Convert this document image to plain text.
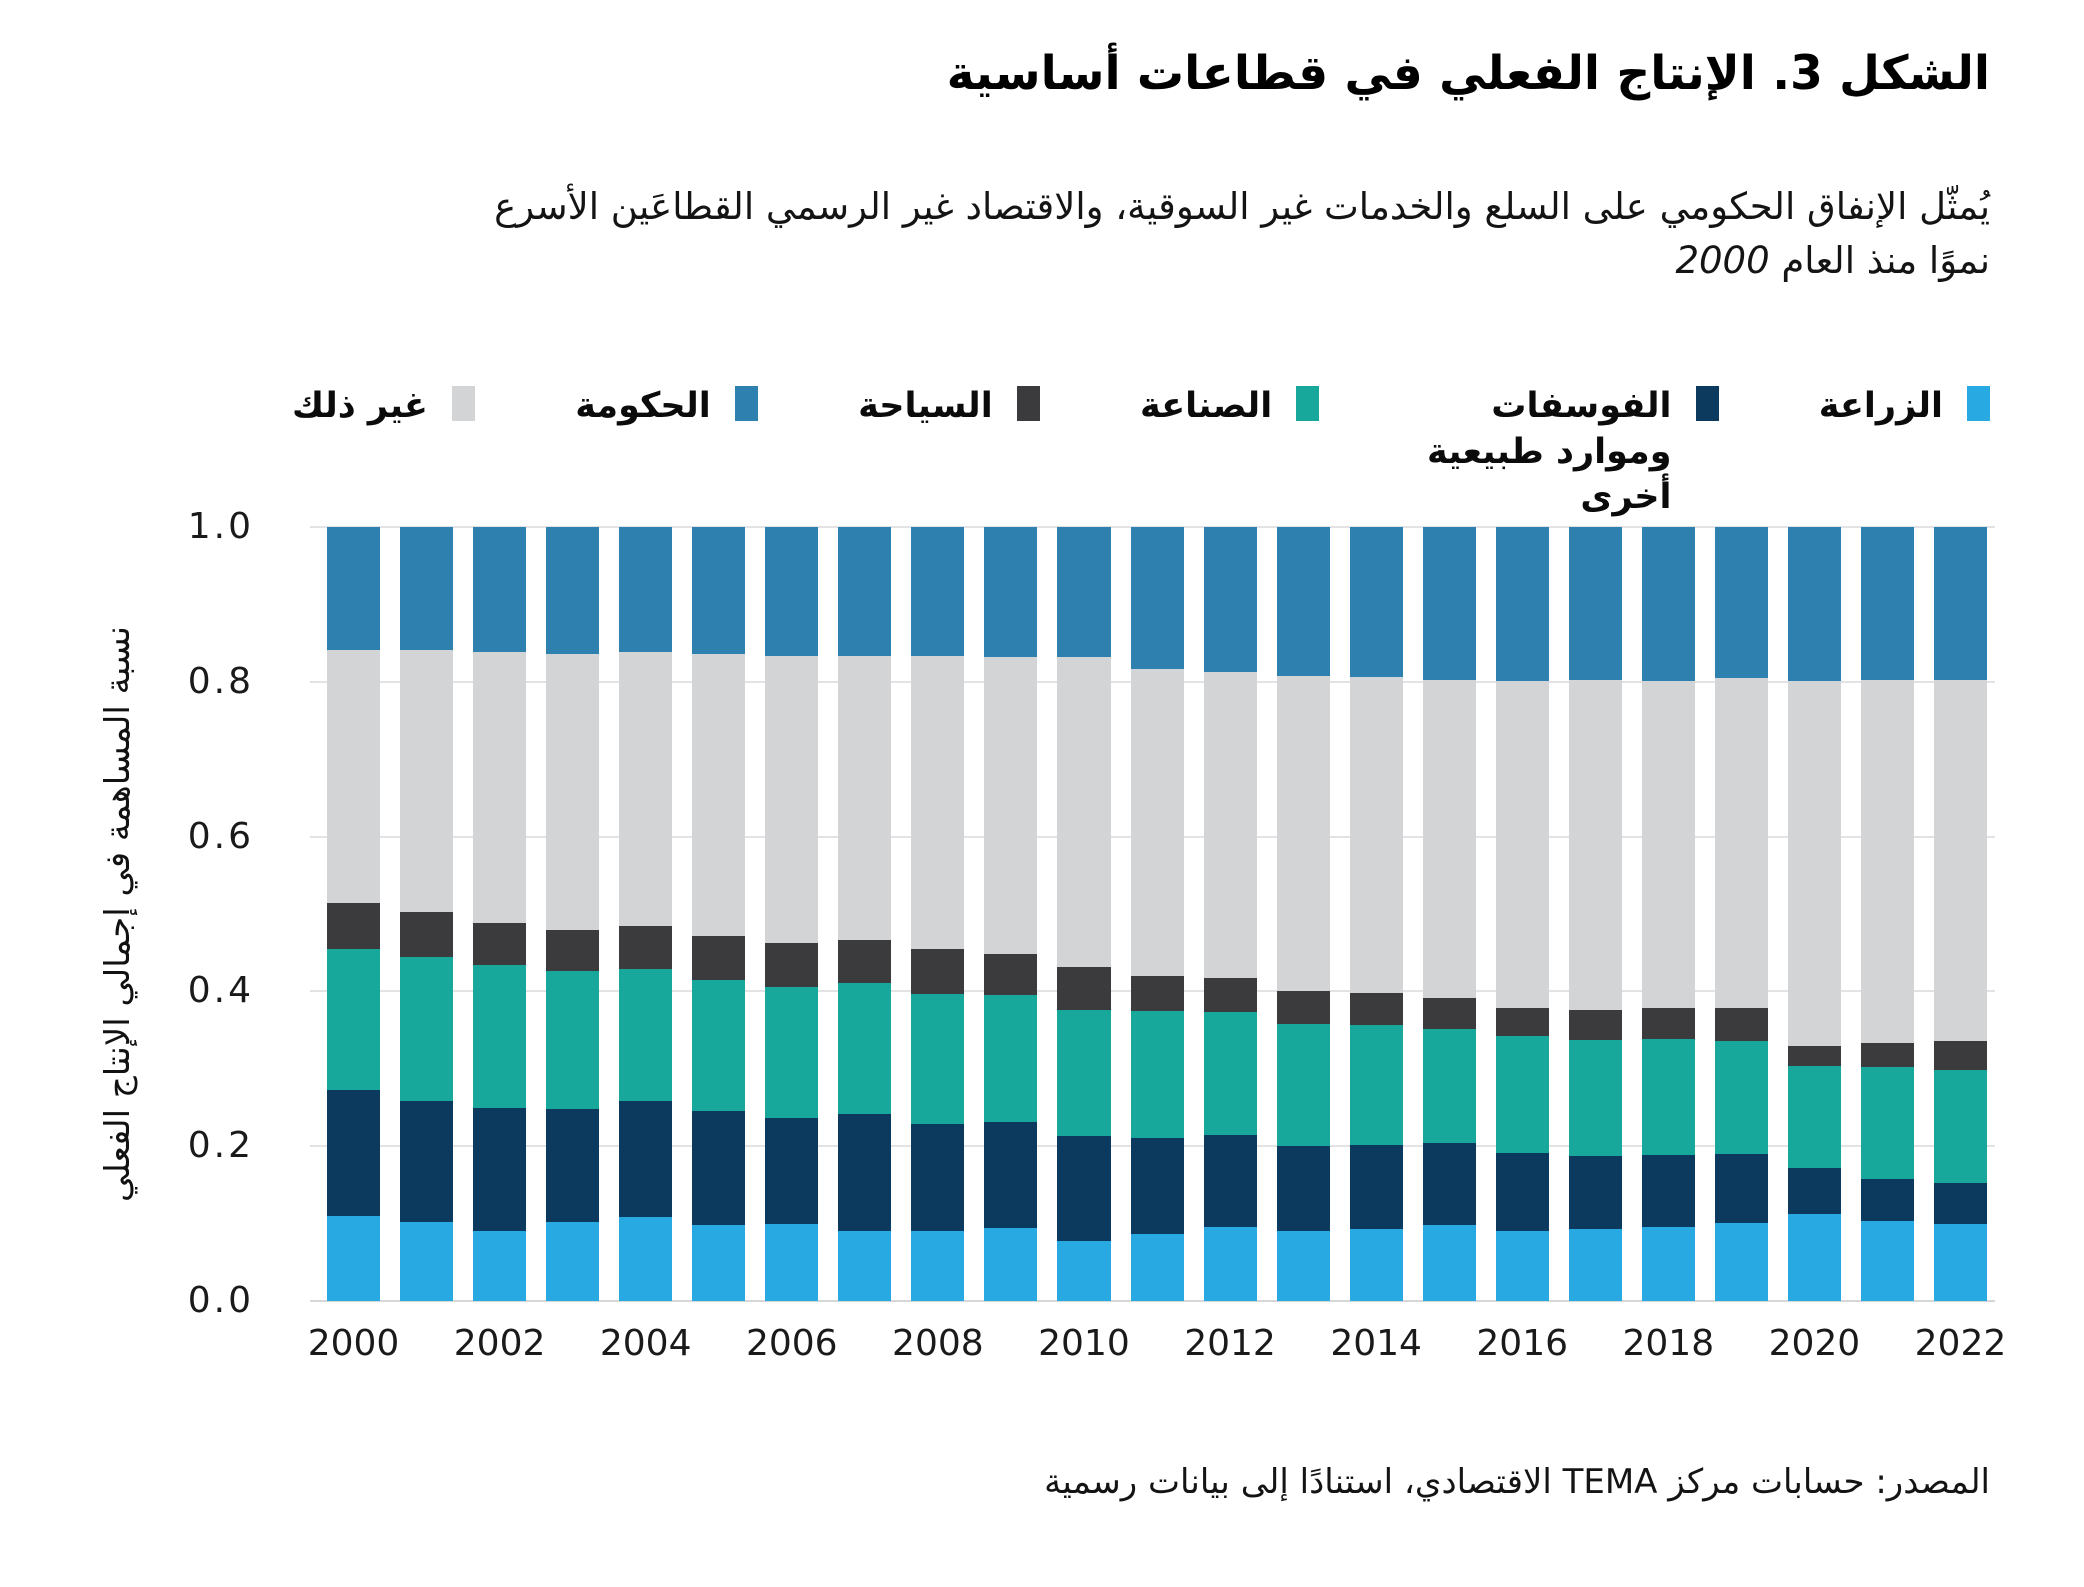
الشكل 3. الإنتاج الفعلي في قطاعات أساسية
يُمثّل الإنفاق الحكومي على السلع والخدمات غير السوقية، والاقتصاد غير الرسمي القطاعَين الأسرع
نموًا منذ العام 2000
الزراعة
الفوسفات وموارد طبيعية أخرى
الصناعة
السياحة
الحكومة
غير ذلك
نسبة المساهمة في إجمالي الإنتاج الفعلي
1.0
0.8
0.6
0.4
0.2
0.0
2000 2002 2004 2006 2008 2010 2012 2014 2016 2018 2020 2022
المصدر: حسابات مركز TEMA الاقتصادي، استنادًا إلى بيانات رسمية
